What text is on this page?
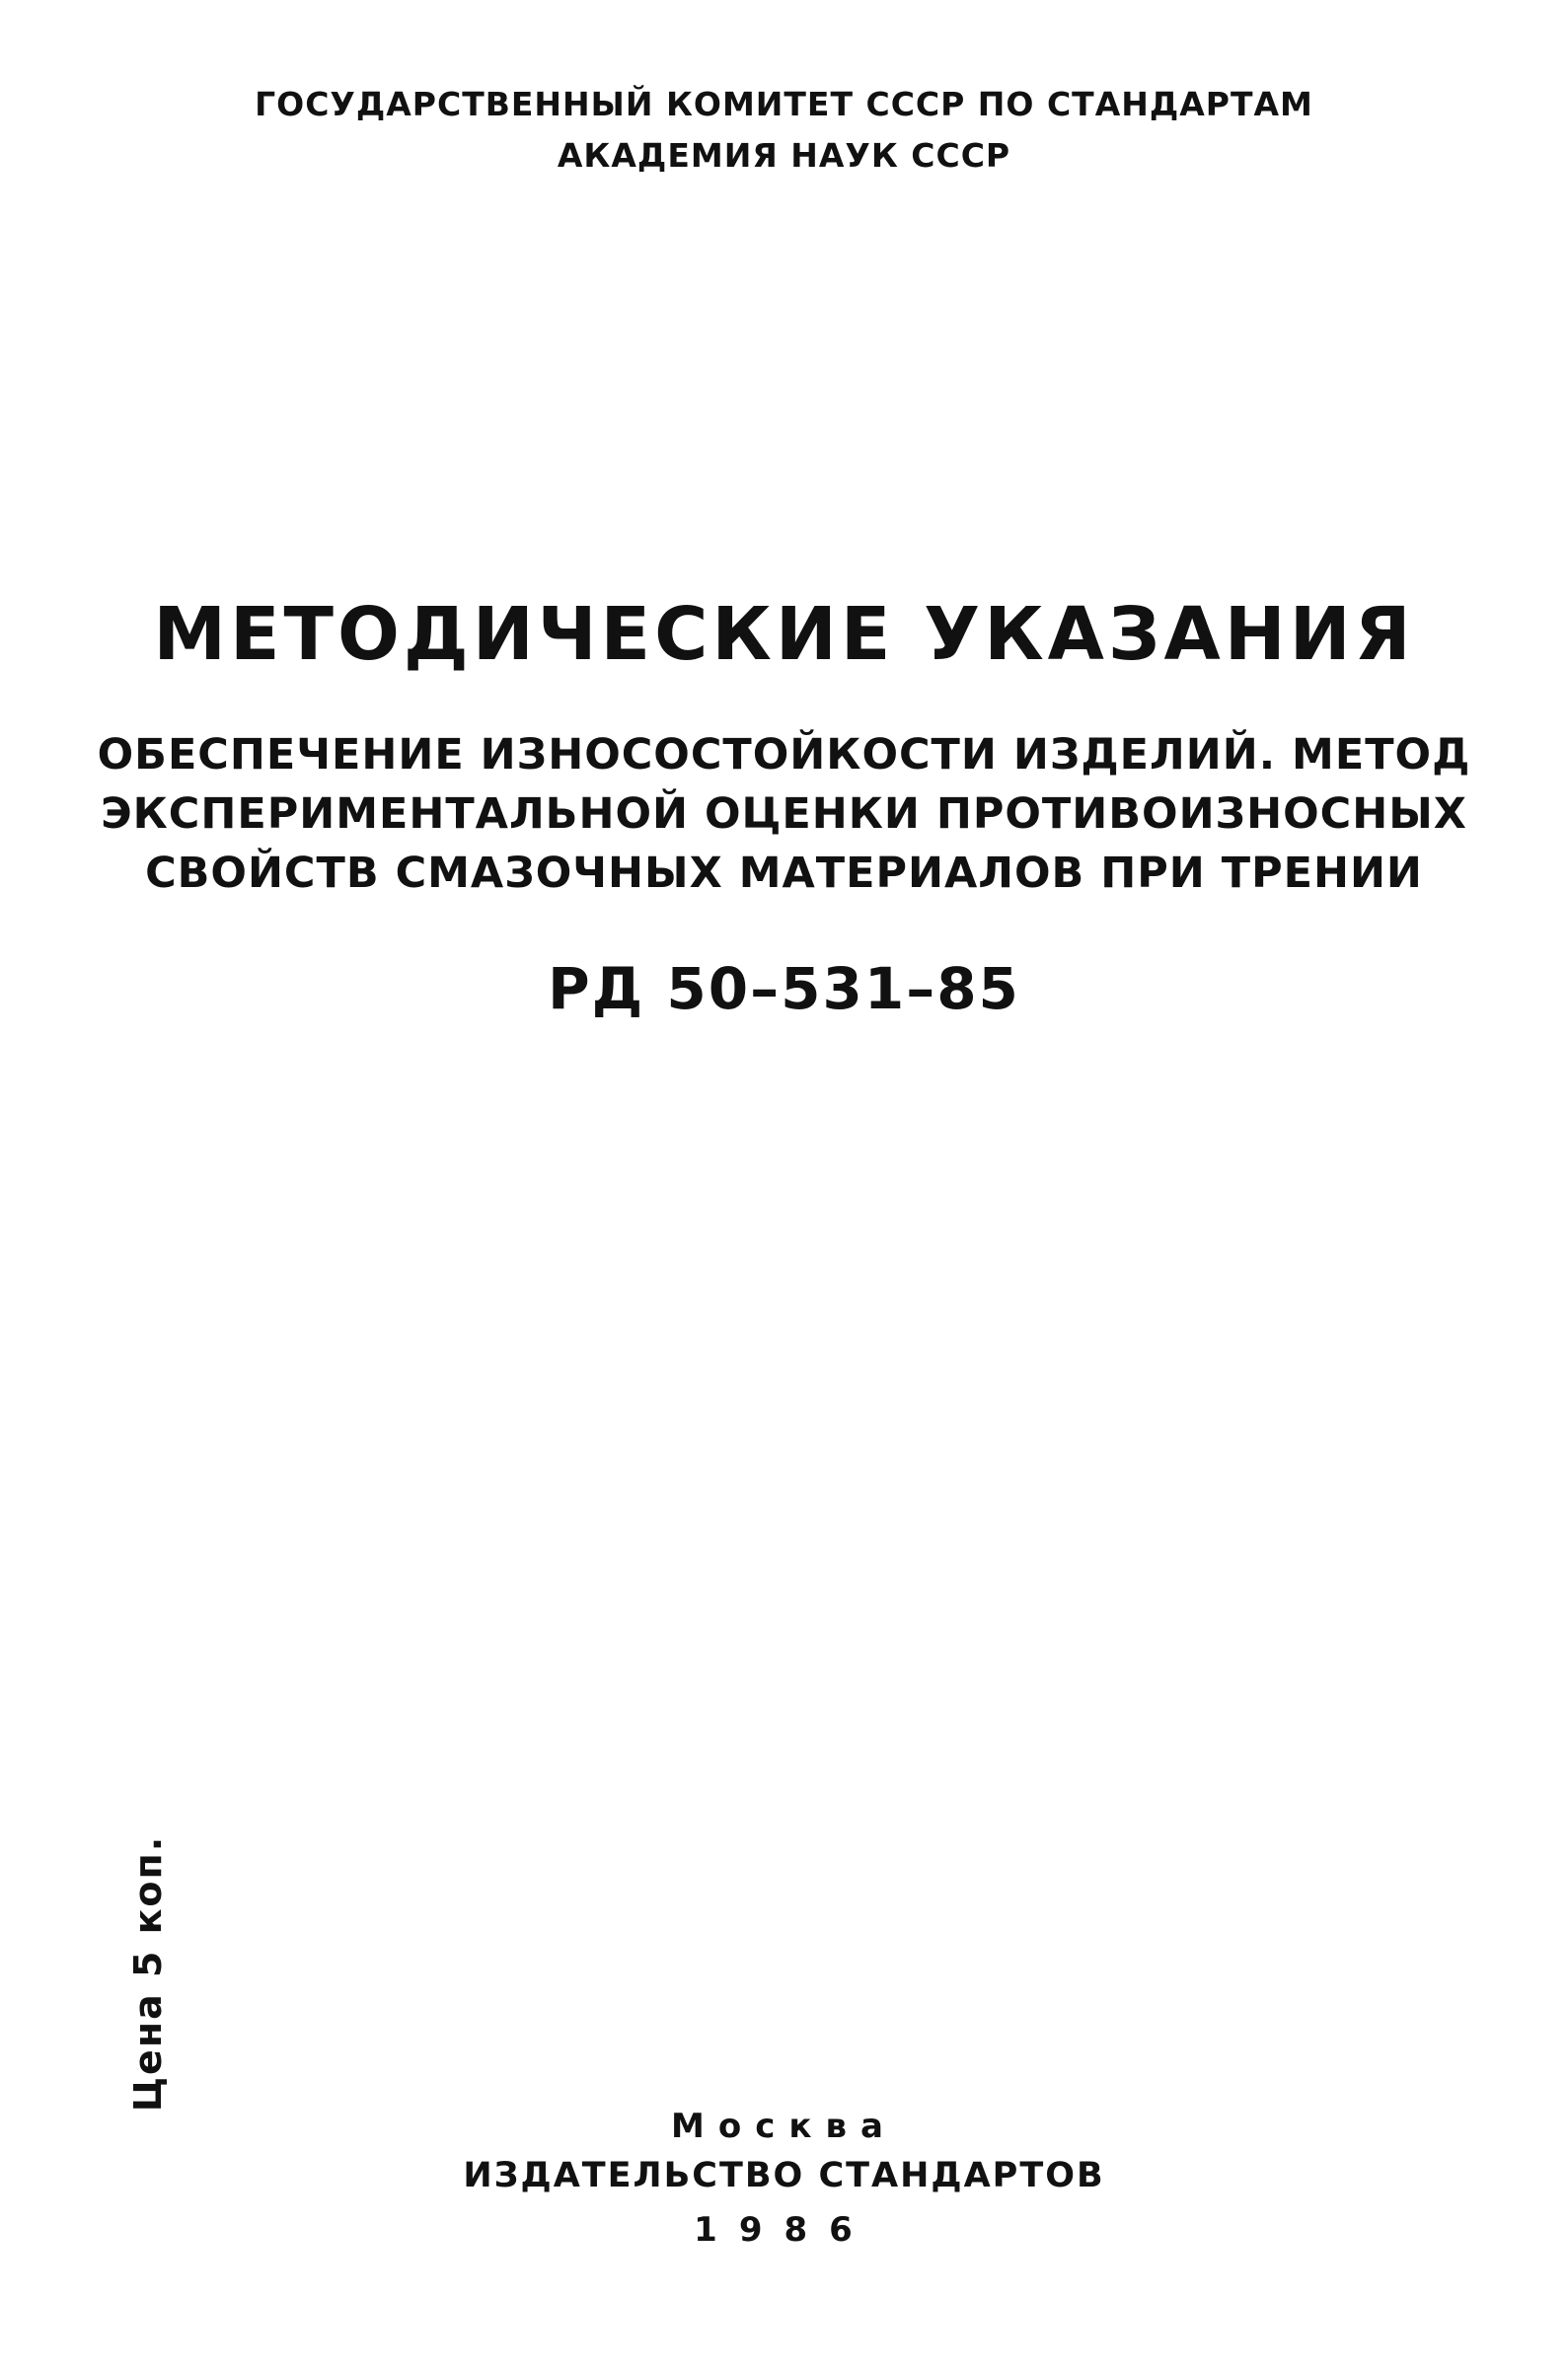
ГОСУДАРСТВЕННЫЙ КОМИТЕТ СССР ПО СТАНДАРТАМ
АКАДЕМИЯ НАУК СССР
МЕТОДИЧЕСКИЕ УКАЗАНИЯ
ОБЕСПЕЧЕНИЕ ИЗНОСОСТОЙКОСТИ ИЗДЕЛИЙ. МЕТОД
ЭКСПЕРИМЕНТАЛЬНОЙ ОЦЕНКИ ПРОТИВОИЗНОСНЫХ
СВОЙСТВ СМАЗОЧНЫХ МАТЕРИАЛОВ ПРИ ТРЕНИИ
РД 50–531–85
Цена 5 коп.
Москва
ИЗДАТЕЛЬСТВО СТАНДАРТОВ
1986
